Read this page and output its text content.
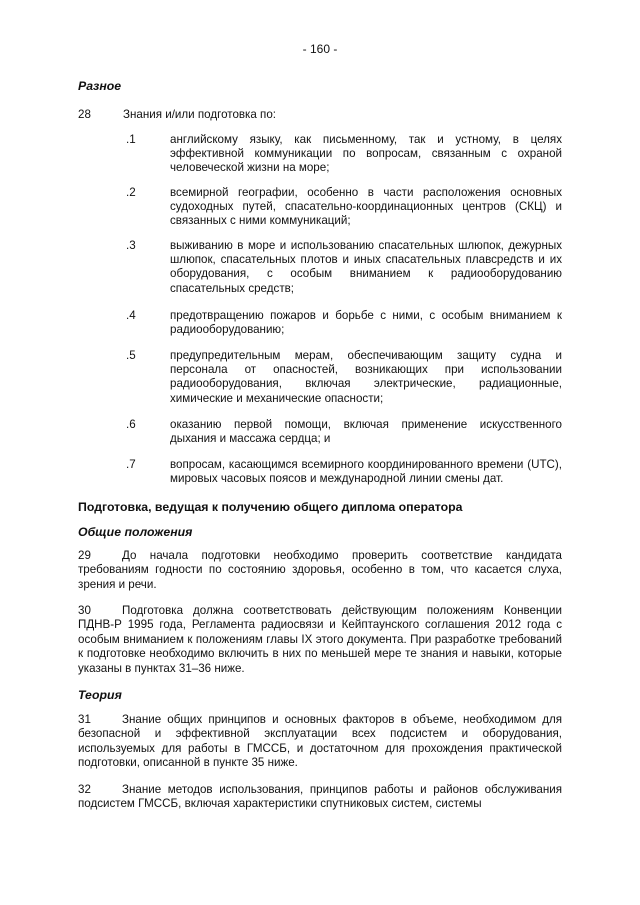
- 160 -
Разное
28	Знания и/или подготовка по:
.1	английскому языку, как письменному, так и устному, в целях эффективной коммуникации по вопросам, связанным с охраной человеческой жизни на море;
.2	всемирной географии, особенно в части расположения основных судоходных путей, спасательно-координационных центров (СКЦ) и связанных с ними коммуникаций;
.3	выживанию в море и использованию спасательных шлюпок, дежурных шлюпок, спасательных плотов и иных спасательных плавсредств и их оборудования, с особым вниманием к радиооборудованию спасательных средств;
.4	предотвращению пожаров и борьбе с ними, с особым вниманием к радиооборудованию;
.5	предупредительным мерам, обеспечивающим защиту судна и персонала от опасностей, возникающих при использовании радиооборудования, включая электрические, радиационные, химические и механические опасности;
.6	оказанию первой помощи, включая применение искусственного дыхания и массажа сердца; и
.7	вопросам, касающимся всемирного координированного времени (UTC), мировых часовых поясов и международной линии смены дат.
Подготовка, ведущая к получению общего диплома оператора
Общие положения
29	До начала подготовки необходимо проверить соответствие кандидата требованиям годности по состоянию здоровья, особенно в том, что касается слуха, зрения и речи.
30	Подготовка должна соответствовать действующим положениям Конвенции ПДНВ-Р 1995 года, Регламента радиосвязи и Кейптаунского соглашения 2012 года с особым вниманием к положениям главы IX этого документа. При разработке требований к подготовке необходимо включить в них по меньшей мере те знания и навыки, которые указаны в пунктах 31–36 ниже.
Теория
31	Знание общих принципов и основных факторов в объеме, необходимом для безопасной и эффективной эксплуатации всех подсистем и оборудования, используемых для работы в ГМССБ, и достаточном для прохождения практической подготовки, описанной в пункте 35 ниже.
32	Знание методов использования, принципов работы и районов обслуживания подсистем ГМССБ, включая характеристики спутниковых систем, системы
